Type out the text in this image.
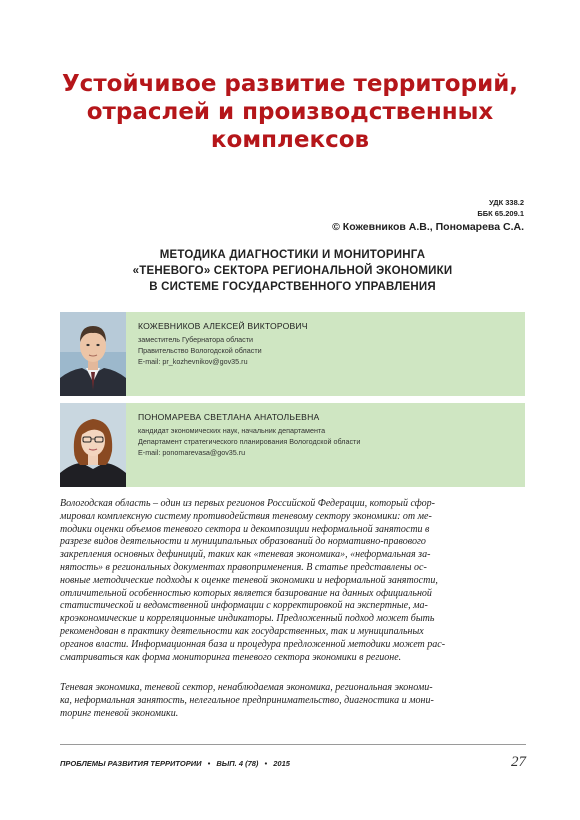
Устойчивое развитие территорий,
отраслей и производственных
комплексов
УДК 338.2
ББК 65.209.1
© Кожевников А.В., Пономарева С.А.
МЕТОДИКА ДИАГНОСТИКИ И МОНИТОРИНГА
«ТЕНЕВОГО» СЕКТОРА РЕГИОНАЛЬНОЙ ЭКОНОМИКИ
В СИСТЕМЕ ГОСУДАРСТВЕННОГО УПРАВЛЕНИЯ
КОЖЕВНИКОВ АЛЕКСЕЙ ВИКТОРОВИЧ
заместитель Губернатора области
Правительство Вологодской области
E-mail: pr_kozhevnikov@gov35.ru
ПОНОМАРЕВА СВЕТЛАНА АНАТОЛЬЕВНА
кандидат экономических наук, начальник департамента
Департамент стратегического планирования Вологодской области
E-mail: ponomarevasa@gov35.ru
Вологодская область – один из первых регионов Российской Федерации, который сфор-
мировал комплексную систему противодействия теневому сектору экономики: от ме-
тодики оценки объемов теневого сектора и декомпозиции неформальной занятости в
разрезе видов деятельности и муниципальных образований до нормативно-правового
закрепления основных дефиниций, таких как «теневая экономика», «неформальная за-
нятость» в региональных документах правоприменения. В статье представлены ос-
новные методические подходы к оценке теневой экономики и неформальной занятости,
отличительной особенностью которых является базирование на данных официальной
статистической и ведомственной информации с корректировкой на экспертные, ма-
кроэкономические и корреляционные индикаторы. Предложенный подход может быть
рекомендован в практику деятельности как государственных, так и муниципальных
органов власти. Информационная база и процедура предложенной методики может рас-
сматриваться как форма мониторинга теневого сектора экономики в регионе.
Теневая экономика, теневой сектор, ненаблюдаемая экономика, региональная экономи-
ка, неформальная занятость, нелегальное предпринимательство, диагностика и мони-
торинг теневой экономики.
ПРОБЛЕМЫ РАЗВИТИЯ ТЕРРИТОРИИ • ВЫП. 4 (78) • 2015	27
